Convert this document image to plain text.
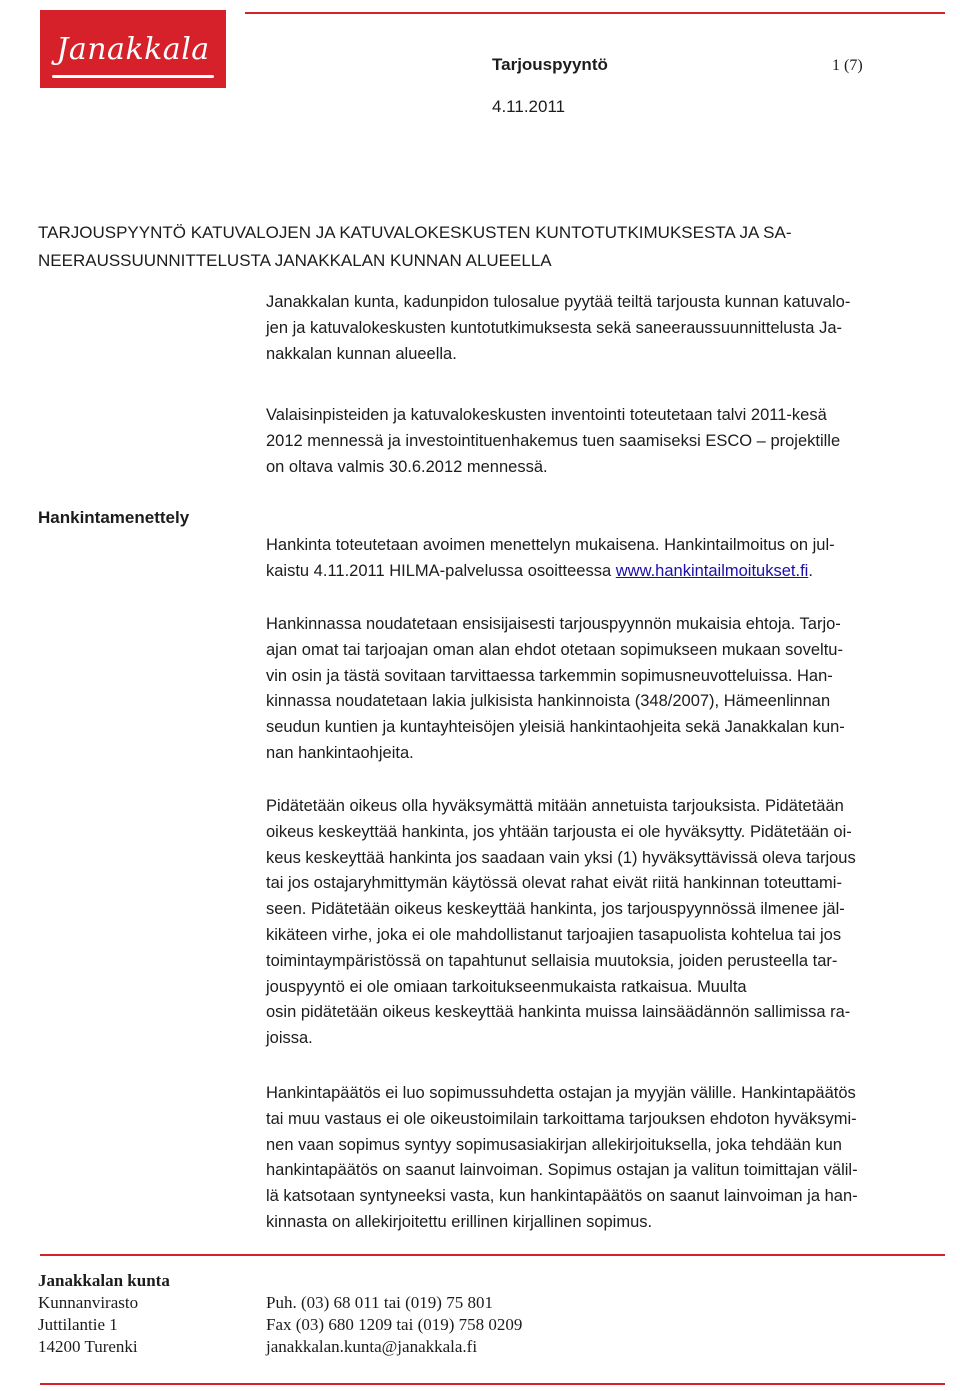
Janakkala	Tarjouspyyntö	1 (7)
4.11.2011
TARJOUSPYYNTÖ KATUVALOJEN JA KATUVALOKESKUSTEN KUNTOTUTKIMUKSESTA JA SA-
NEERAUSSUUNNITTELUSTA JANAKKALAN KUNNAN ALUEELLA

Janakkalan kunta, kadunpidon tulosalue pyytää teiltä tarjousta kunnan katuvalo-

jen ja katuvalokeskusten kuntotutkimuksesta sekä saneeraussuunnittelusta Ja-

nakkalan kunnan alueella.

Valaisinpisteiden ja katuvalokeskusten inventointi toteutetaan talvi 2011-kesä

2012 mennessä ja investointituenhakemus tuen saamiseksi ESCO – projektille

on oltava valmis 30.6.2012 mennessä.

Hankintamenettely

Hankinta toteutetaan avoimen menettelyn mukaisena. Hankintailmoitus on jul-

kaistu 4.11.2011 HILMA-palvelussa osoitteessa www.hankintailmoitukset.fi.

Hankinnassa noudatetaan ensisijaisesti tarjouspyynnön mukaisia ehtoja. Tarjo-

ajan omat tai tarjoajan oman alan ehdot otetaan sopimukseen mukaan soveltu-

vin osin ja tästä sovitaan tarvittaessa tarkemmin sopimusneuvotteluissa. Han-

kinnassa noudatetaan lakia julkisista hankinnoista (348/2007), Hämeenlinnan

seudun kuntien ja kuntayhteisöjen yleisiä hankintaohjeita sekä Janakkalan kun-

nan hankintaohjeita.

Pidätetään oikeus olla hyväksymättä mitään annetuista tarjouksista. Pidätetään

oikeus keskeyttää hankinta, jos yhtään tarjousta ei ole hyväksytty. Pidätetään oi-

keus keskeyttää hankinta jos saadaan vain yksi (1) hyväksyttävissä oleva tarjous

tai jos ostajaryhmittymän käytössä olevat rahat eivät riitä hankinnan toteuttami-

seen. Pidätetään oikeus keskeyttää hankinta, jos tarjouspyynnössä ilmenee jäl-

kikäteen virhe, joka ei ole mahdollistanut tarjoajien tasapuolista kohtelua tai jos

toimintaympäristössä on tapahtunut sellaisia muutoksia, joiden perusteella tar-

jouspyyntö ei ole omiaan tarkoitukseenmukaista ratkaisua. Muulta

osin pidätetään oikeus keskeyttää hankinta muissa lainsäädännön sallimissa ra-

joissa.

Hankintapäätös ei luo sopimussuhdetta ostajan ja myyjän välille. Hankintapäätös

tai muu vastaus ei ole oikeustoimilain tarkoittama tarjouksen ehdoton hyväksymi-

nen vaan sopimus syntyy sopimusasiakirjan allekirjoituksella, joka tehdään kun

hankintapäätös on saanut lainvoiman. Sopimus ostajan ja valitun toimittajan välil-

lä katsotaan syntyneeksi vasta, kun hankintapäätös on saanut lainvoiman ja han-

kinnasta on allekirjoitettu erillinen kirjallinen sopimus.

Janakkalan kunta

Kunnanvirasto

Juttilantie 1

14200 Turenki

Puh. (03) 68 011 tai (019) 75 801

Fax (03) 680 1209 tai (019) 758 0209

janakkalan.kunta@janakkala.fi
